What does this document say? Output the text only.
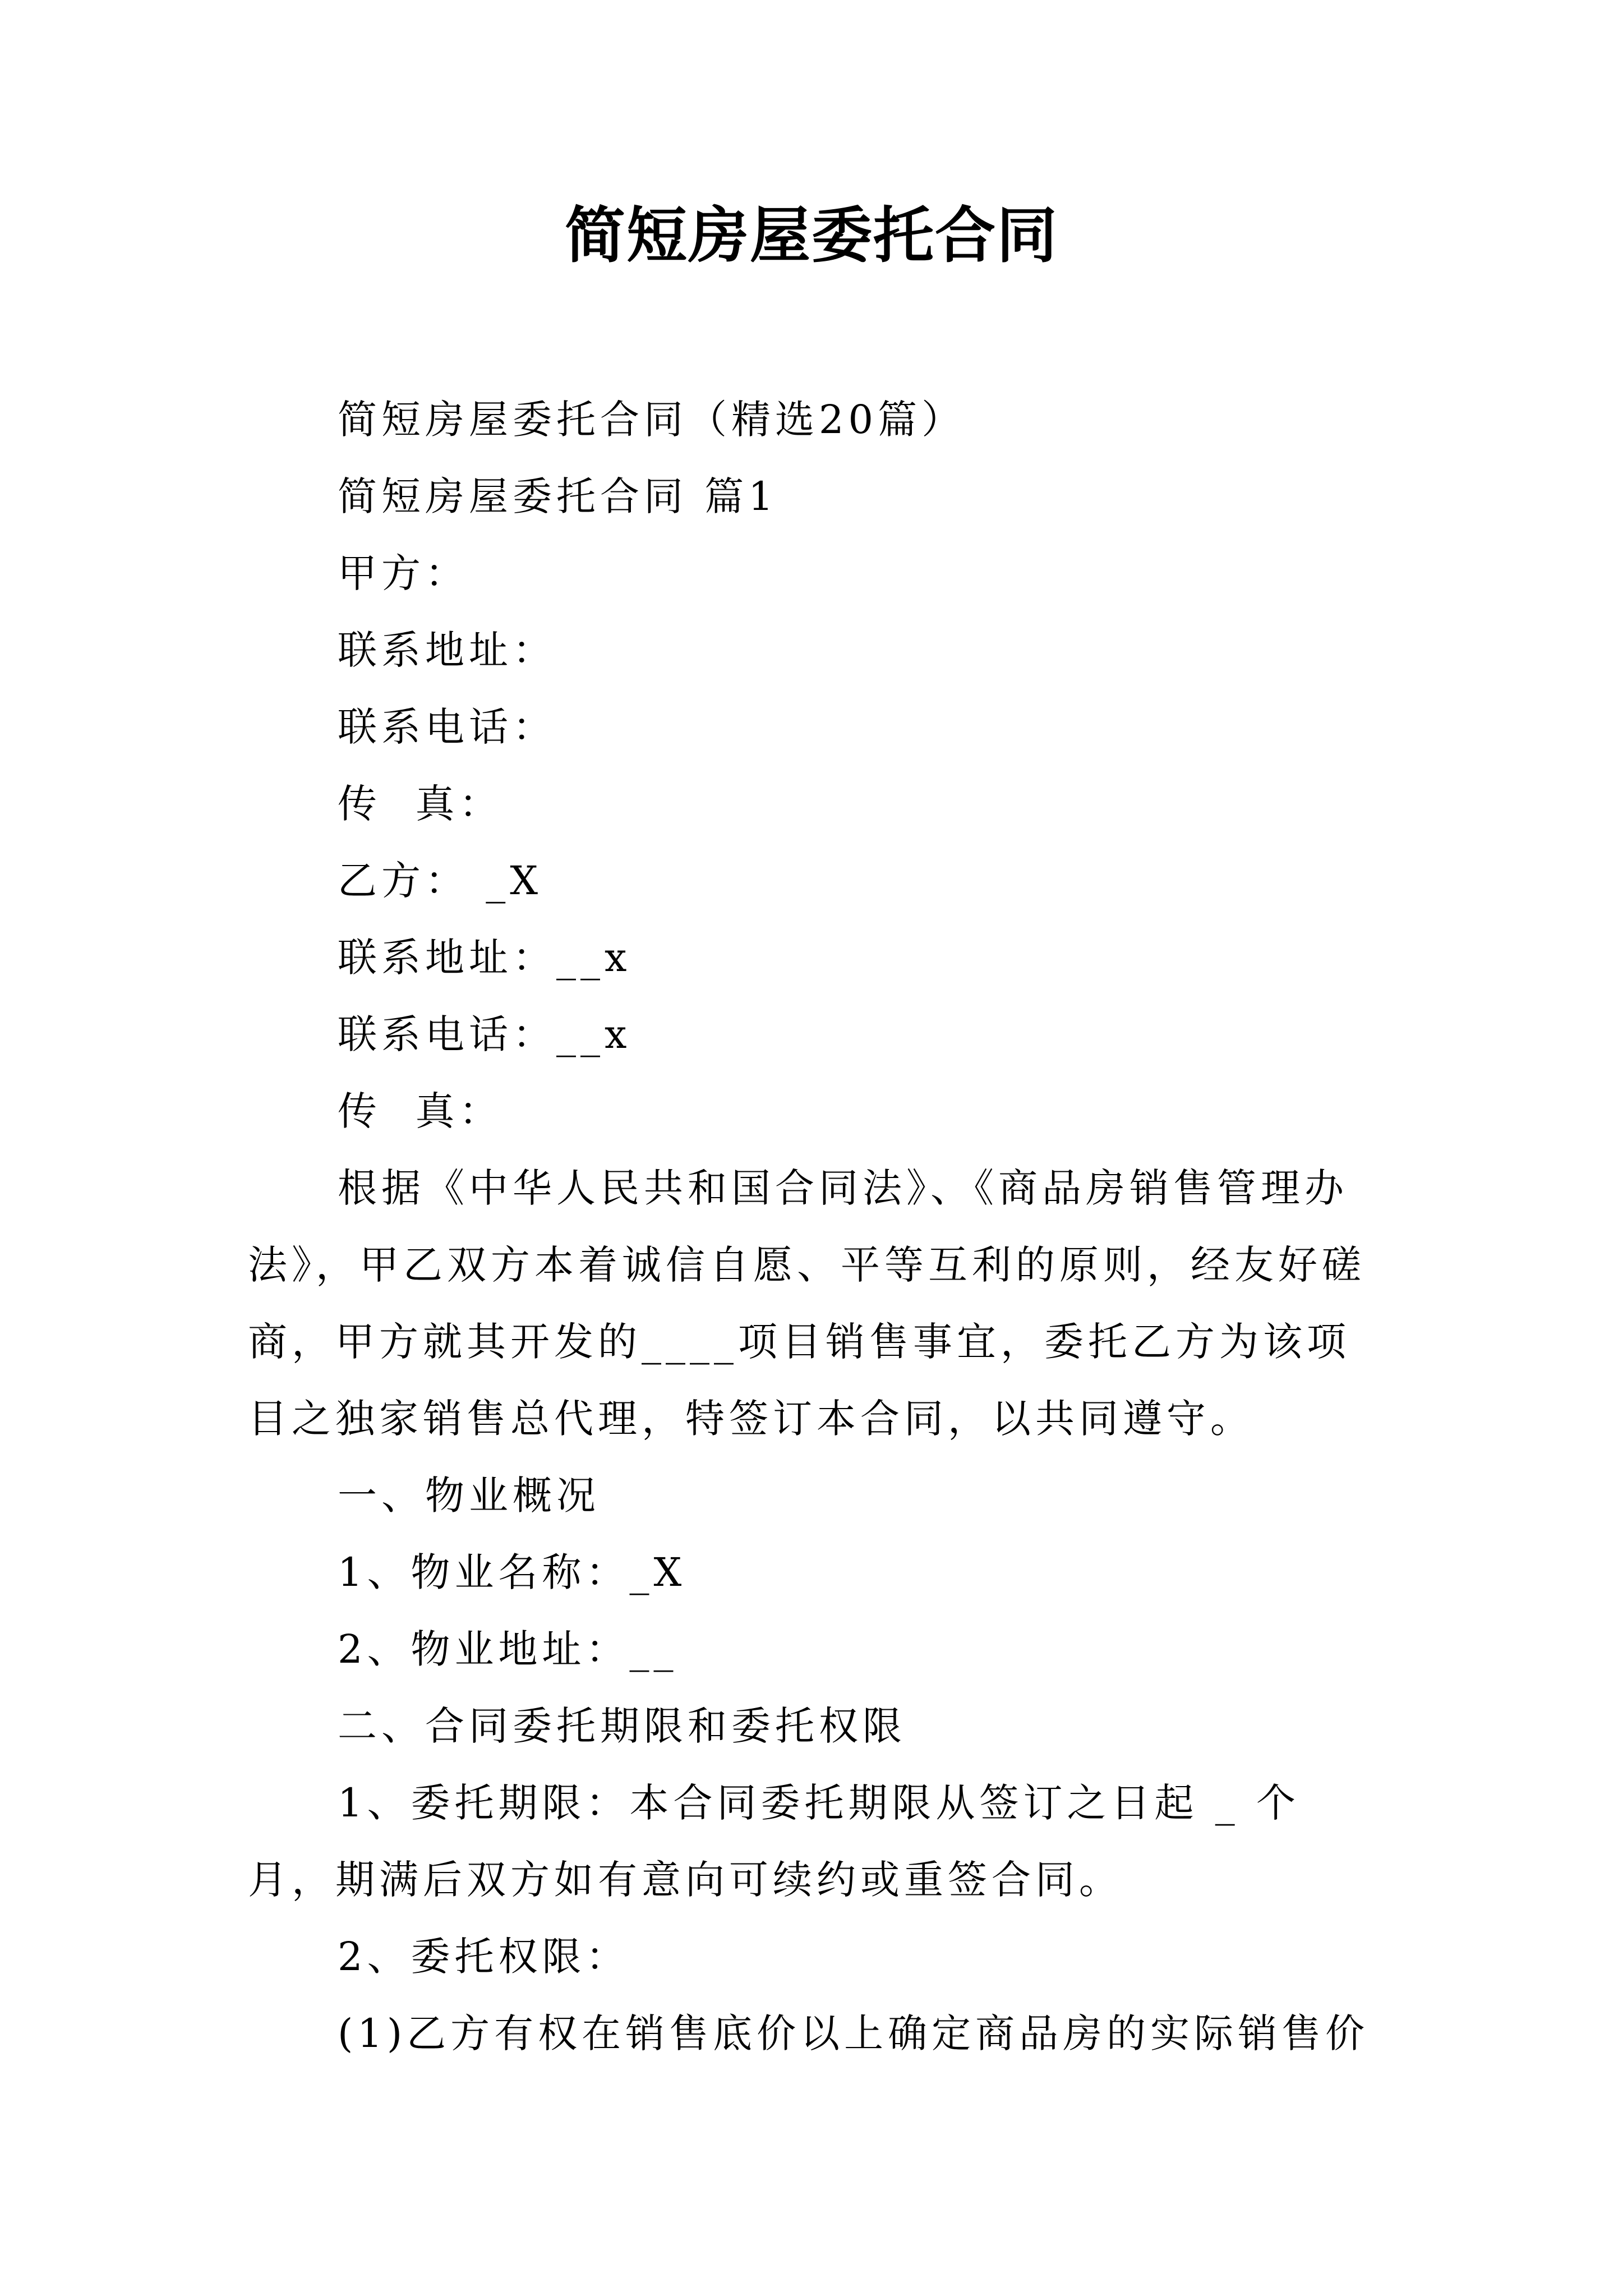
简短房屋委托合同

简短房屋委托合同（精选20篇）

简短房屋委托合同 篇1

甲方：

联系地址：

联系电话：

传  真：

乙方： _X

联系地址：__x

联系电话：__x

传  真：

根据《中华人民共和国合同法》、《商品房销售管理办法》，甲乙双方本着诚信自愿、平等互利的原则，经友好磋商，甲方就其开发的____项目销售事宜，委托乙方为该项目之独家销售总代理，特签订本合同，以共同遵守。

一、物业概况

1、物业名称：_X

2、物业地址：__

二、合同委托期限和委托权限

1、委托期限：本合同委托期限从签订之日起 _ 个月，期满后双方如有意向可续约或重签合同。

2、委托权限：

(1)乙方有权在销售底价以上确定商品房的实际销售价
